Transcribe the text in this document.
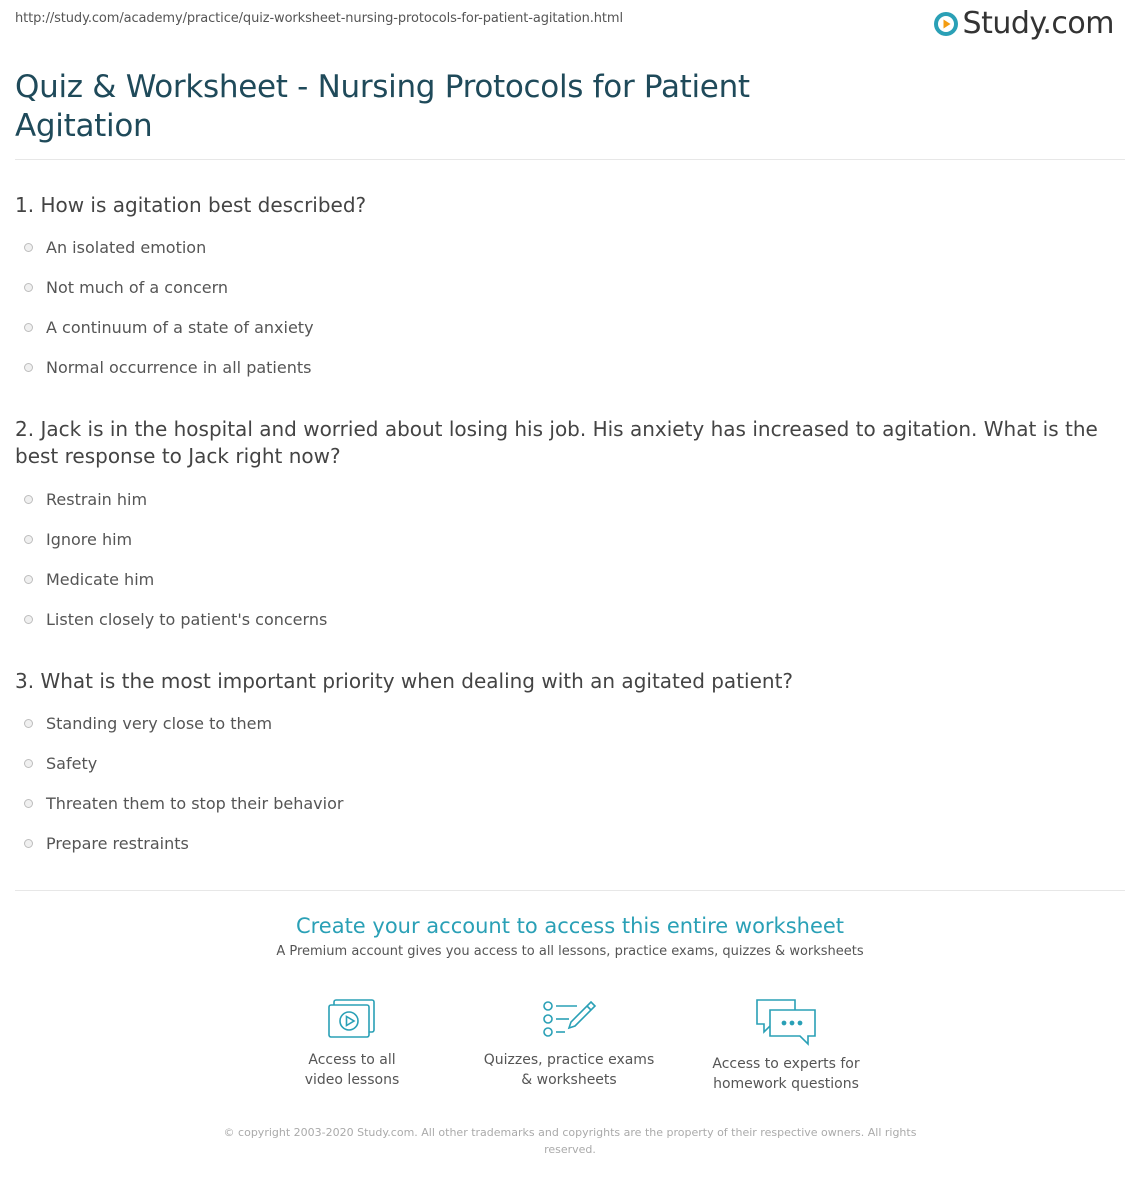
http://study.com/academy/practice/quiz-worksheet-nursing-protocols-for-patient-agitation.html	Study.com
Quiz & Worksheet - Nursing Protocols for Patient Agitation
1. How is agitation best described?
An isolated emotion
Not much of a concern
A continuum of a state of anxiety
Normal occurrence in all patients
2. Jack is in the hospital and worried about losing his job. His anxiety has increased to agitation. What is the best response to Jack right now?
Restrain him
Ignore him
Medicate him
Listen closely to patient's concerns
3. What is the most important priority when dealing with an agitated patient?
Standing very close to them
Safety
Threaten them to stop their behavior
Prepare restraints
Create your account to access this entire worksheet
A Premium account gives you access to all lessons, practice exams, quizzes & worksheets
Access to all
video lessons
Quizzes, practice exams
& worksheets
Access to experts for
homework questions
© copyright 2003-2020 Study.com. All other trademarks and copyrights are the property of their respective owners. All rights reserved.
